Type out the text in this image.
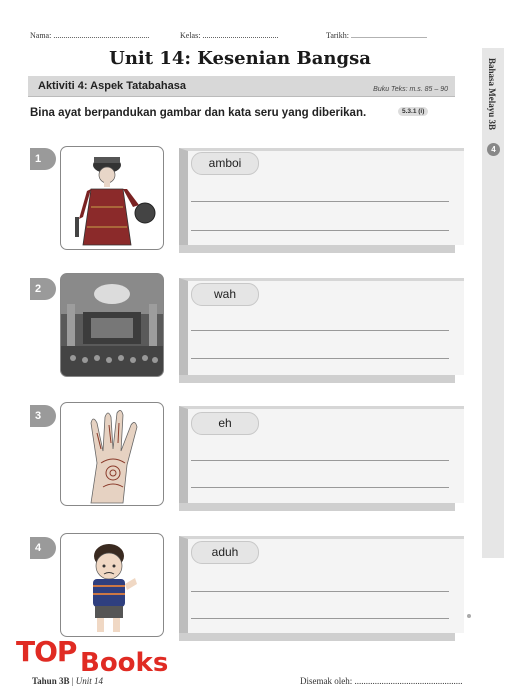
Nama: ................................................	Kelas: ......................................	Tarikh: ......................................
Unit 14: Kesenian Bangsa
Aktiviti 4: Aspek Tatabahasa	Buku Teks: m.s. 85 – 90
Bina ayat berpandukan gambar dan kata seru yang diberikan.	5.3.1 (i)	Bahasa Melayu 3B
4
1	amboi
2	wah
3	eh
4	aduh
Tahun 3B | Unit 14	Disemak oleh: ................................................
TOP Books
